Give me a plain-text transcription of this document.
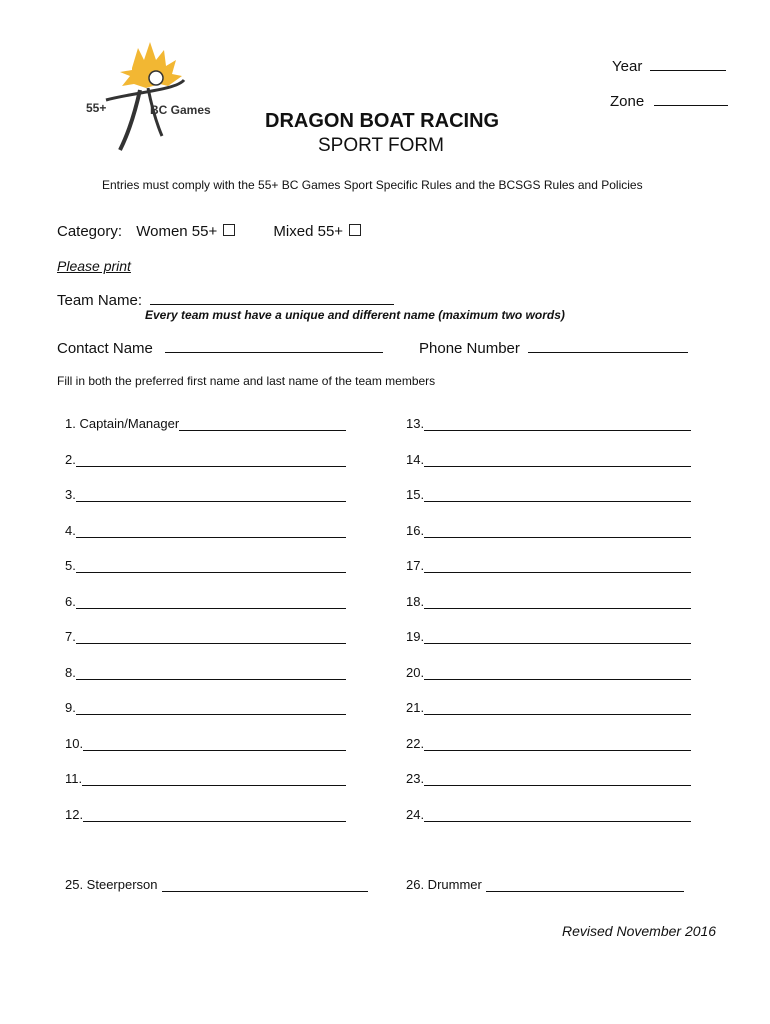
55+	BC Games
Year
Zone
DRAGON BOAT RACING
SPORT FORM
Entries must comply with the 55+ BC Games Sport Specific Rules and the BCSGS Rules and Policies
Category: Women 55+	Mixed 55+
Please print
Team Name:
Every team must have a unique and different name (maximum two words)
Contact Name	Phone Number
Fill in both the preferred first name and last name of the team members
1. Captain/Manager
2.
3.
4.
5.
6.
7.
8.
9.
10.
11.
12.
13.
14.
15.
16.
17.
18.
19.
20.
21.
22.
23.
24.
25. Steerperson	26. Drummer
Revised November 2016
